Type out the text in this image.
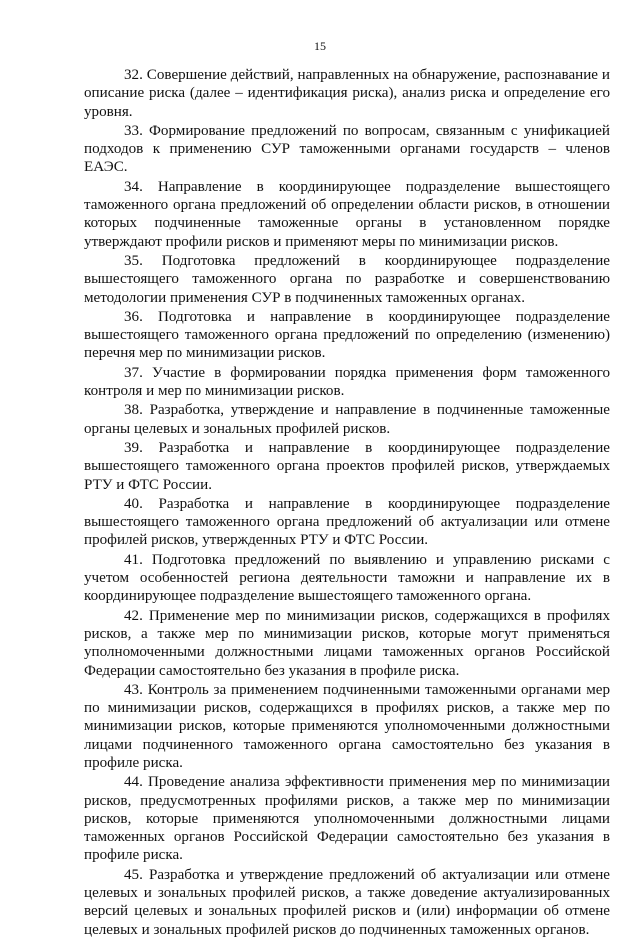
15

32. Совершение действий, направленных на обнаружение, распознавание и описание риска (далее – идентификация риска), анализ риска и определение его уровня.

33. Формирование предложений по вопросам, связанным с унификацией подходов к применению СУР таможенными органами государств – членов ЕАЭС.

34. Направление в координирующее подразделение вышестоящего таможенного органа предложений об определении области рисков, в отношении которых подчиненные таможенные органы в установленном порядке утверждают профили рисков и применяют меры по минимизации рисков.

35. Подготовка предложений в координирующее подразделение вышестоящего таможенного органа по разработке и совершенствованию методологии применения СУР в подчиненных таможенных органах.

36. Подготовка и направление в координирующее подразделение вышестоящего таможенного органа предложений по определению (изменению) перечня мер по минимизации рисков.

37. Участие в формировании порядка применения форм таможенного контроля и мер по минимизации рисков.

38. Разработка, утверждение и направление в подчиненные таможенные органы целевых и зональных профилей рисков.

39. Разработка и направление в координирующее подразделение вышестоящего таможенного органа проектов профилей рисков, утверждаемых РТУ и ФТС России.

40. Разработка и направление в координирующее подразделение вышестоящего таможенного органа предложений об актуализации или отмене профилей рисков, утвержденных РТУ и ФТС России.

41. Подготовка предложений по выявлению и управлению рисками с учетом особенностей региона деятельности таможни и направление их в координирующее подразделение вышестоящего таможенного органа.

42. Применение мер по минимизации рисков, содержащихся в профилях рисков, а также мер по минимизации рисков, которые могут применяться уполномоченными должностными лицами таможенных органов Российской Федерации самостоятельно без указания в профиле риска.

43. Контроль за применением подчиненными таможенными органами мер по минимизации рисков, содержащихся в профилях рисков, а также мер по минимизации рисков, которые применяются уполномоченными должностными лицами подчиненного таможенного органа самостоятельно без указания в профиле риска.

44. Проведение анализа эффективности применения мер по минимизации рисков, предусмотренных профилями рисков, а также мер по минимизации рисков, которые применяются уполномоченными должностными лицами таможенных органов Российской Федерации самостоятельно без указания в профиле риска.

45. Разработка и утверждение предложений об актуализации или отмене целевых и зональных профилей рисков, а также доведение актуализированных версий целевых и зональных профилей рисков и (или) информации об отмене целевых и зональных профилей рисков до подчиненных таможенных органов.
